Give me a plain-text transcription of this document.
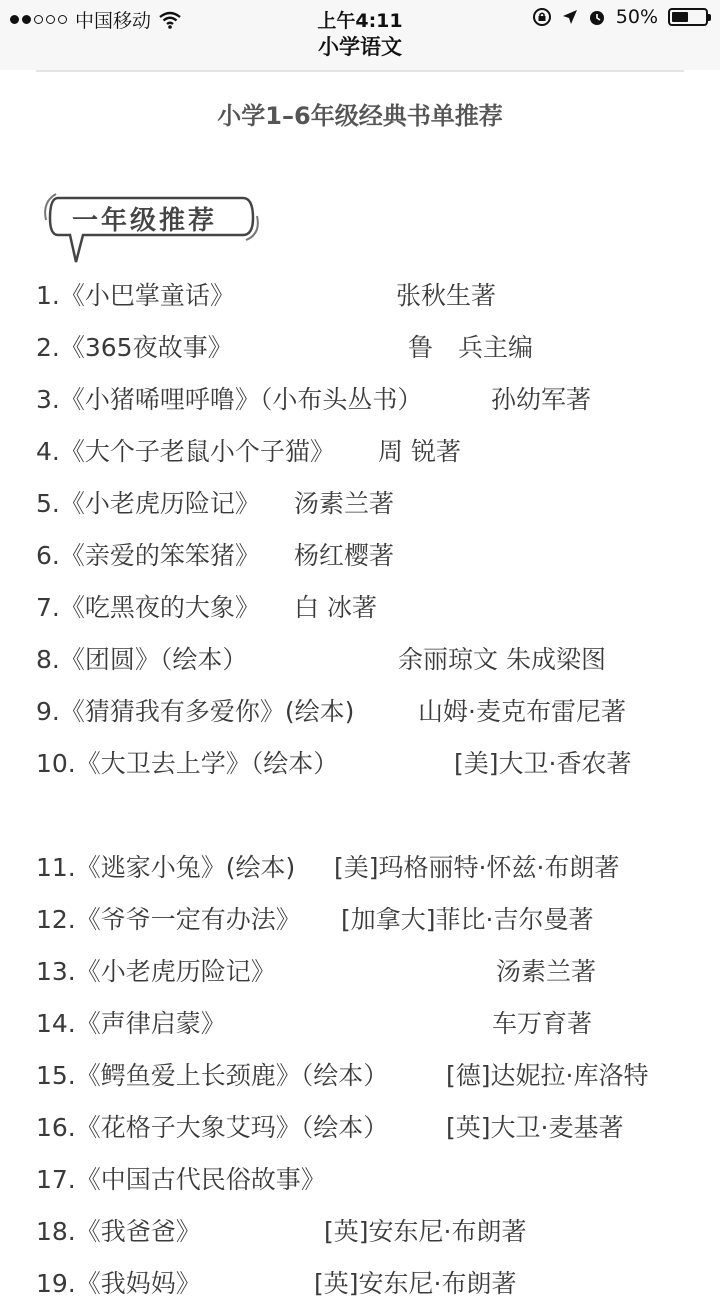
中国移动	上午4:11	50%
小学语文
小学1–6年级经典书单推荐
一年级推荐
1.《小巴掌童话》	张秋生著
2.《365夜故事》	鲁　兵主编
3.《小猪唏哩呼噜》（小布头丛书）	孙幼军著
4.《大个子老鼠小个子猫》 周 锐著
5.《小老虎历险记》 汤素兰著
6.《亲爱的笨笨猪》 杨红樱著
7.《吃黑夜的大象》 白 冰著
8.《团圆》（绘本）	余丽琼文 朱成梁图
9.《猜猜我有多爱你》(绘本)	山姆·麦克布雷尼著
10.《大卫去上学》（绘本）	[美]大卫·香农著
11.《逃家小兔》(绘本) [美]玛格丽特·怀兹·布朗著
12.《爷爷一定有办法》 [加拿大]菲比·吉尔曼著
13.《小老虎历险记》	汤素兰著
14.《声律启蒙》	车万育著
15.《鳄鱼爱上长颈鹿》（绘本） [德]达妮拉·库洛特
16.《花格子大象艾玛》（绘本） [英]大卫·麦基著
17.《中国古代民俗故事》
18.《我爸爸》	[英]安东尼·布朗著
19.《我妈妈》	[英]安东尼·布朗著
